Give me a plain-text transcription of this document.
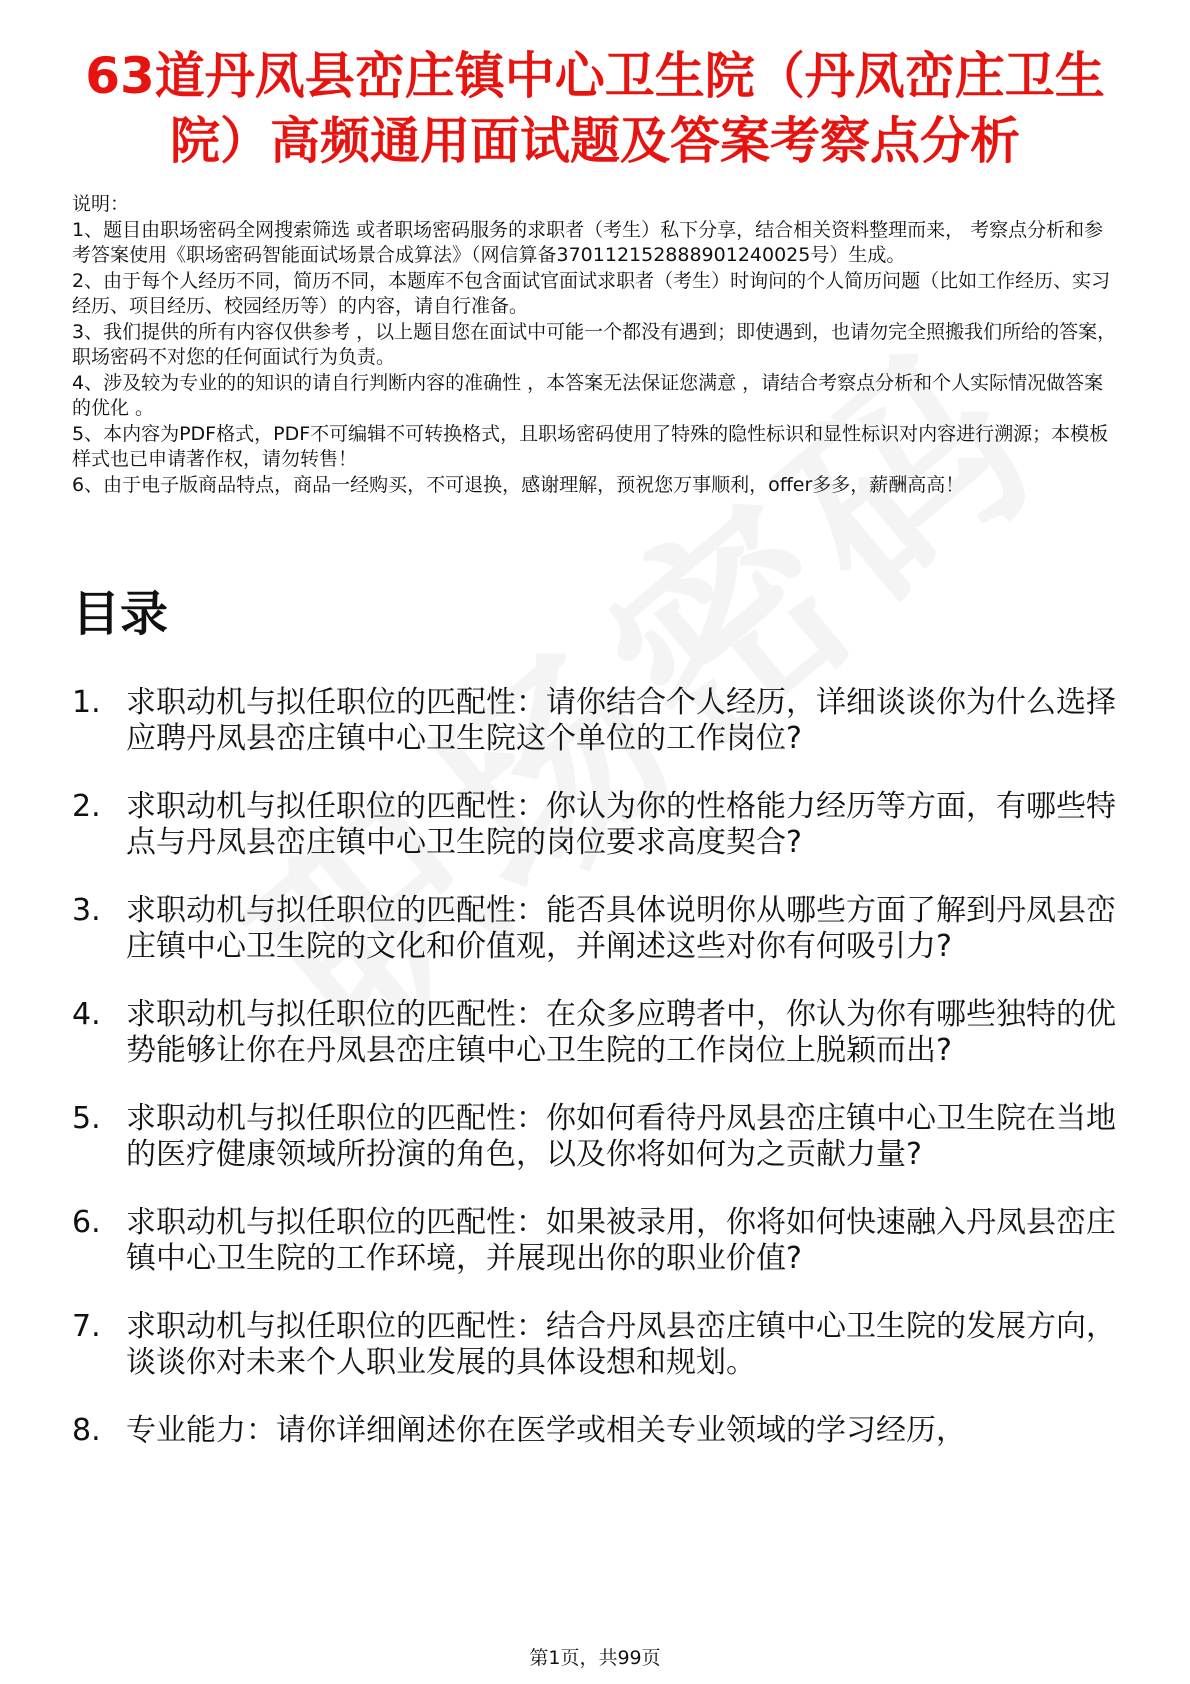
63道丹凤县峦庄镇中心卫生院（丹凤峦庄卫生院）高频通用面试题及答案考察点分析

说明：

1、题目由职场密码全网搜索筛选 或者职场密码服务的求职者（考生）私下分享，结合相关资料整理而来， 考察点分析和参考答案使用《职场密码智能面试场景合成算法》（网信算备370112152888901240025号）生成。

2、由于每个人经历不同，简历不同，本题库不包含面试官面试求职者（考生）时询问的个人简历问题（比如工作经历、实习经历、项目经历、校园经历等）的内容，请自行准备。

3、我们提供的所有内容仅供参考 ，以上题目您在面试中可能一个都没有遇到；即使遇到，也请勿完全照搬我们所给的答案，职场密码不对您的任何面试行为负责。

4、涉及较为专业的的知识的请自行判断内容的准确性 ，本答案无法保证您满意 ，请结合考察点分析和个人实际情况做答案的优化 。

5、本内容为PDF格式，PDF不可编辑不可转换格式，且职场密码使用了特殊的隐性标识和显性标识对内容进行溯源；本模板样式也已申请著作权，请勿转售！

6、由于电子版商品特点，商品一经购买，不可退换，感谢理解，预祝您万事顺利，offer多多，薪酬高高！

目录
1. 求职动机与拟任职位的匹配性：请你结合个人经历，详细谈谈你为什么选择应聘丹凤县峦庄镇中心卫生院这个单位的工作岗位?
2. 求职动机与拟任职位的匹配性：你认为你的性格能力经历等方面，有哪些特点与丹凤县峦庄镇中心卫生院的岗位要求高度契合?
3. 求职动机与拟任职位的匹配性：能否具体说明你从哪些方面了解到丹凤县峦庄镇中心卫生院的文化和价值观，并阐述这些对你有何吸引力?
4. 求职动机与拟任职位的匹配性：在众多应聘者中，你认为你有哪些独特的优势能够让你在丹凤县峦庄镇中心卫生院的工作岗位上脱颖而出?
5. 求职动机与拟任职位的匹配性：你如何看待丹凤县峦庄镇中心卫生院在当地的医疗健康领域所扮演的角色，以及你将如何为之贡献力量?
6. 求职动机与拟任职位的匹配性：如果被录用，你将如何快速融入丹凤县峦庄镇中心卫生院的工作环境，并展现出你的职业价值?
7. 求职动机与拟任职位的匹配性：结合丹凤县峦庄镇中心卫生院的发展方向，谈谈你对未来个人职业发展的具体设想和规划。
8. 专业能力：请你详细阐述你在医学或相关专业领域的学习经历，
第1页，共99页
